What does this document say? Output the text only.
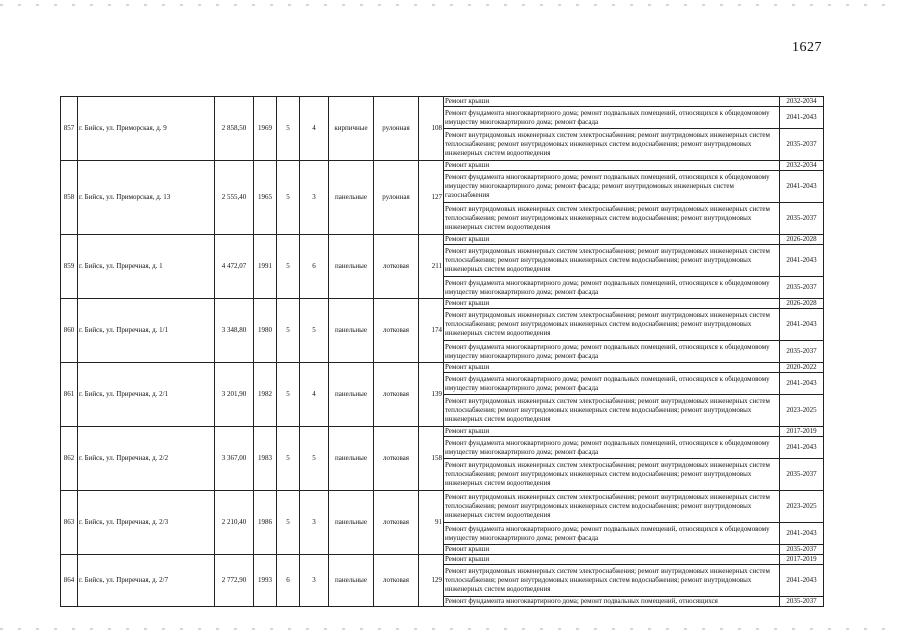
1627
857	г. Бийск, ул. Приморская, д. 9	2 858,50	1969	5	4	кирпичные	рулонная	108	Ремонт крыши	2032-2034
									Ремонт фундамента многоквартирного дома; ремонт подвальных помещений, относящихся к общедомовому имуществу многоквартирного дома; ремонт фасада	2041-2043
									Ремонт внутридомовых инженерных систем электроснабжения; ремонт внутридомовых инженерных систем теплоснабжения; ремонт внутридомовых инженерных систем водоснабжения; ремонт внутридомовых инженерных систем водоотведения	2035-2037
858	г. Бийск, ул. Приморская, д. 13	2 555,40	1965	5	3	панельные	рулонная	127	Ремонт крыши	2032-2034
									Ремонт фундамента многоквартирного дома; ремонт подвальных помещений, относящихся к общедомовому имуществу многоквартирного дома; ремонт фасада; ремонт внутридомовых инженерных систем газоснабжения	2041-2043
									Ремонт внутридомовых инженерных систем электроснабжения; ремонт внутридомовых инженерных систем теплоснабжения; ремонт внутридомовых инженерных систем водоснабжения; ремонт внутридомовых инженерных систем водоотведения	2035-2037
859	г. Бийск, ул. Приречная, д. 1	4 472,07	1991	5	6	панельные	лотковая	211	Ремонт крыши	2026-2028
									Ремонт внутридомовых инженерных систем электроснабжения; ремонт внутридомовых инженерных систем теплоснабжения; ремонт внутридомовых инженерных систем водоснабжения; ремонт внутридомовых инженерных систем водоотведения	2041-2043
									Ремонт фундамента многоквартирного дома; ремонт подвальных помещений, относящихся к общедомовому имуществу многоквартирного дома; ремонт фасада	2035-2037
860	г. Бийск, ул. Приречная, д. 1/1	3 348,80	1980	5	5	панельные	лотковая	174	Ремонт крыши	2026-2028
									Ремонт внутридомовых инженерных систем электроснабжения; ремонт внутридомовых инженерных систем теплоснабжения; ремонт внутридомовых инженерных систем водоснабжения; ремонт внутридомовых инженерных систем водоотведения	2041-2043
									Ремонт фундамента многоквартирного дома; ремонт подвальных помещений, относящихся к общедомовому имуществу многоквартирного дома; ремонт фасада	2035-2037
861	г. Бийск, ул. Приречная, д. 2/1	3 201,90	1982	5	4	панельные	лотковая	139	Ремонт крыши	2020-2022
									Ремонт фундамента многоквартирного дома; ремонт подвальных помещений, относящихся к общедомовому имуществу многоквартирного дома; ремонт фасада	2041-2043
									Ремонт внутридомовых инженерных систем электроснабжения; ремонт внутридомовых инженерных систем теплоснабжения; ремонт внутридомовых инженерных систем водоснабжения; ремонт внутридомовых инженерных систем водоотведения	2023-2025
862	г. Бийск, ул. Приречная, д. 2/2	3 367,00	1983	5	5	панельные	лотковая	158	Ремонт крыши	2017-2019
									Ремонт фундамента многоквартирного дома; ремонт подвальных помещений, относящихся к общедомовому имуществу многоквартирного дома; ремонт фасада	2041-2043
									Ремонт внутридомовых инженерных систем электроснабжения; ремонт внутридомовых инженерных систем теплоснабжения; ремонт внутридомовых инженерных систем водоснабжения; ремонт внутридомовых инженерных систем водоотведения	2035-2037
863	г. Бийск, ул. Приречная, д. 2/3	2 210,40	1986	5	3	панельные	лотковая	91	Ремонт внутридомовых инженерных систем электроснабжения; ремонт внутридомовых инженерных систем теплоснабжения; ремонт внутридомовых инженерных систем водоснабжения; ремонт внутридомовых инженерных систем водоотведения	2023-2025
									Ремонт фундамента многоквартирного дома; ремонт подвальных помещений, относящихся к общедомовому имуществу многоквартирного дома; ремонт фасада	2041-2043
									Ремонт крыши	2035-2037
864	г. Бийск, ул. Приречная, д. 2/7	2 772,90	1993	6	3	панельные	лотковая	129	Ремонт крыши	2017-2019
									Ремонт внутридомовых инженерных систем электроснабжения; ремонт внутридомовых инженерных систем теплоснабжения; ремонт внутридомовых инженерных систем водоснабжения; ремонт внутридомовых инженерных систем водоотведения	2041-2043
									Ремонт фундамента многоквартирного дома; ремонт подвальных помещений, относящихся	2035-2037
